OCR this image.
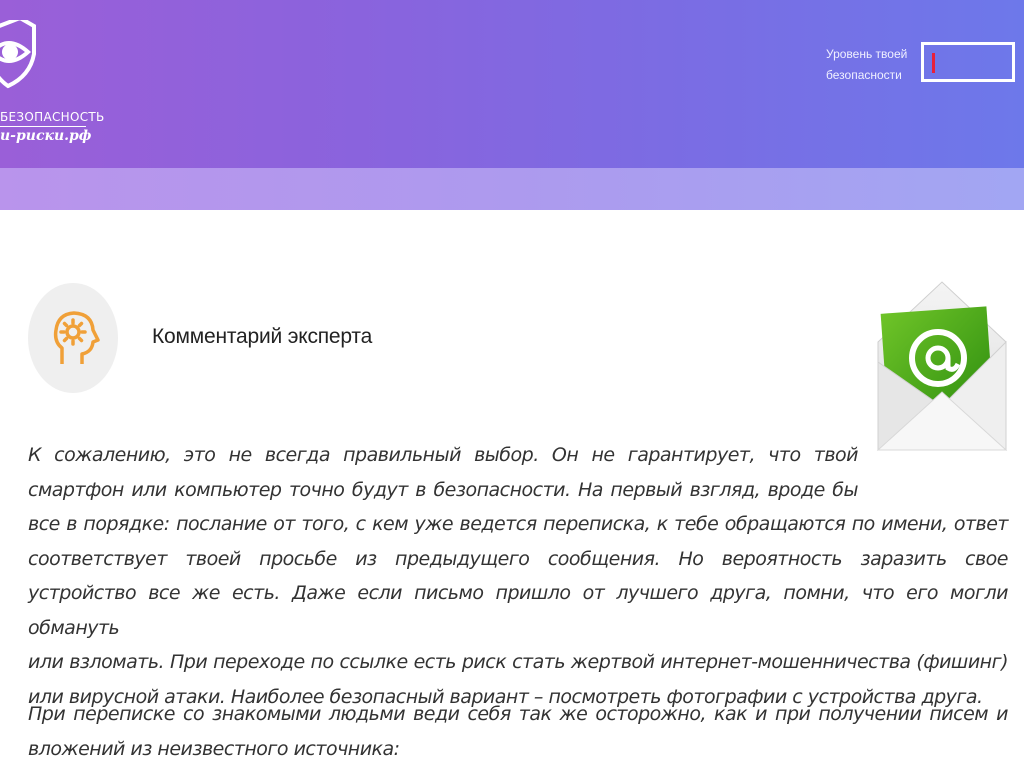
БЕЗОПАСНОСТЬ
и-риски.рф
Уровень твоей
безопасности
Комментарий эксперта
К сожалению, это не всегда правильный выбор. Он не гарантирует, что твой
смартфон или компьютер точно будут в безопасности. На первый взгляд, вроде бы
все в порядке: послание от того, с кем уже ведется переписка, к тебе обращаются по имени, ответ
соответствует твоей просьбе из предыдущего сообщения. Но вероятность заразить свое
устройство все же есть. Даже если письмо пришло от лучшего друга, помни, что его могли обмануть
или взломать. При переходе по ссылке есть риск стать жертвой интернет-мошенничества (фишинг)
или вирусной атаки. Наиболее безопасный вариант – посмотреть фотографии с устройства друга.
При переписке со знакомыми людьми веди себя так же осторожно, как и при получении писем и
вложений из неизвестного источника:
